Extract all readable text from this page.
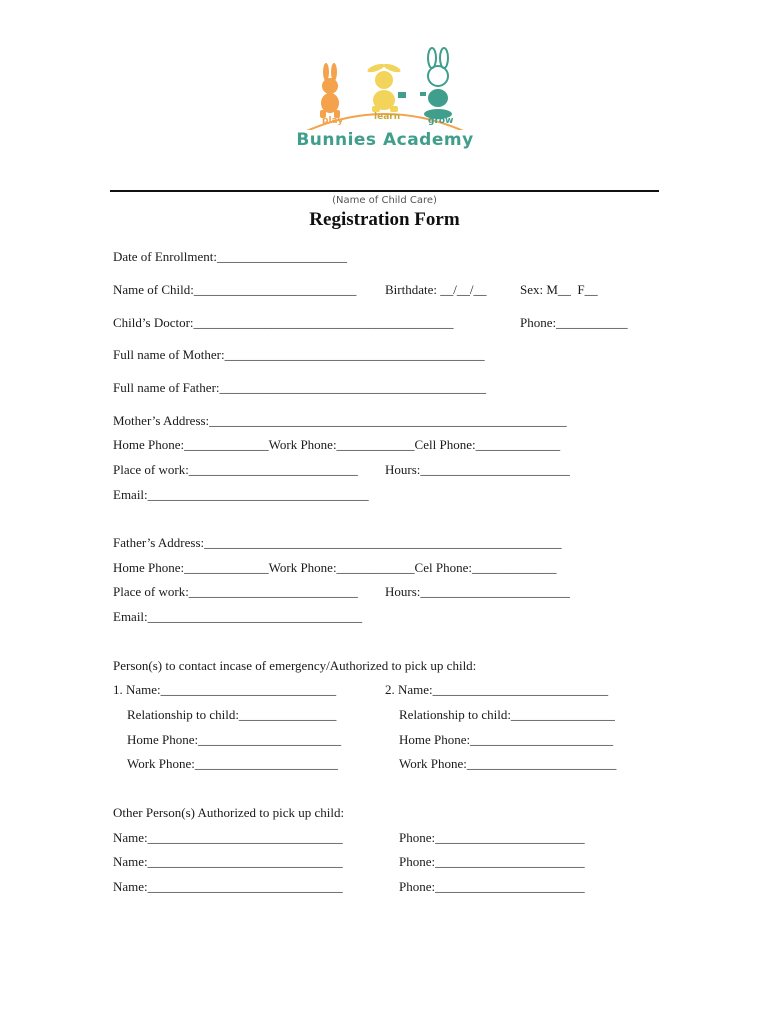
play	learn	grow
Bunnies Academy
(Name of Child Care)
Registration Form
Date of Enrollment:____________________
Name of Child:_________________________ Birthdate: __/__/__	Sex: M__  F__
Child’s Doctor:________________________________________	Phone:___________
Full name of Mother:________________________________________
Full name of Father:_________________________________________
Mother’s Address:_______________________________________________________
Home Phone:_____________Work Phone:____________Cell Phone:_____________
Place of work:__________________________ Hours:_______________________
Email:__________________________________
Father’s Address:_______________________________________________________
Home Phone:_____________Work Phone:____________Cel Phone:_____________
Place of work:__________________________ Hours:_______________________
Email:_________________________________
Person(s) to contact incase of emergency/Authorized to pick up child:
1. Name:___________________________	2. Name:___________________________
Relationship to child:_______________	Relationship to child:________________
Home Phone:______________________	Home Phone:______________________
Work Phone:______________________	Work Phone:_______________________
Other Person(s) Authorized to pick up child:
Name:______________________________	Phone:_______________________
Name:______________________________	Phone:_______________________
Name:______________________________	Phone:_______________________
